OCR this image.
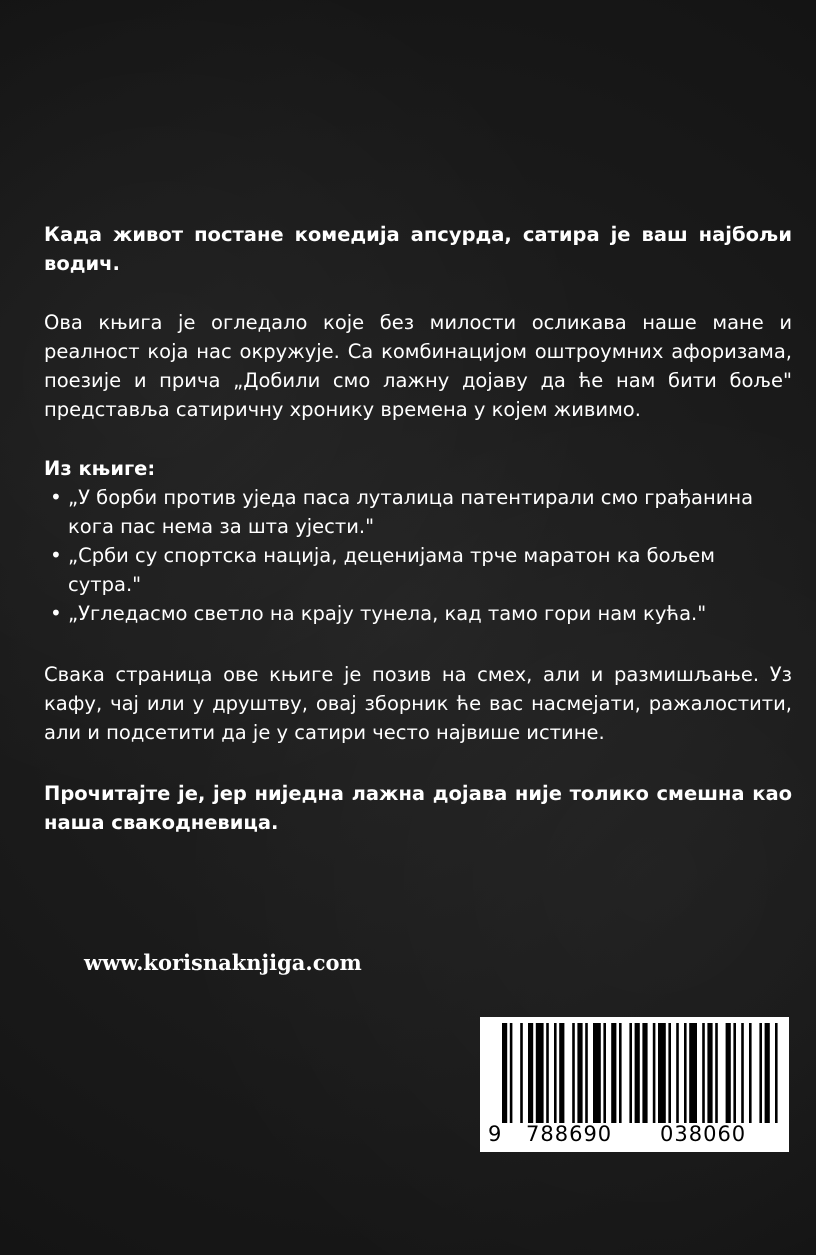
Када живот постане комедија апсурда, сатира је ваш најбољи водич.

Ова књига је огледало које без милости осликава наше мане и реалност која нас окружује. Са комбинацијом оштроумних афоризама, поезије и прича „Добили смо лажну дојаву да ће нам бити боље" представља сатиричну хронику времена у којем живимо.

Из књиге:

• „У борби против уједа паса луталица патентирали смо грађанина кога пас нема за шта ујести."
• „Срби су спортска нација, деценијама трче маратон ка бољем сутра."
• „Угледасмо светло на крају тунела, кад тамо гори нам кућа."

Свака страница ове књиге је позив на смех, али и размишљање. Уз кафу, чај или у друштву, овај зборник ће вас насмејати, ражалостити, али и подсетити да је у сатири често највише истине.

Прочитајте је, јер ниједна лажна дојава није толико смешна као наша свакодневица.

www.korisnaknjiga.com
9 788690 038060
